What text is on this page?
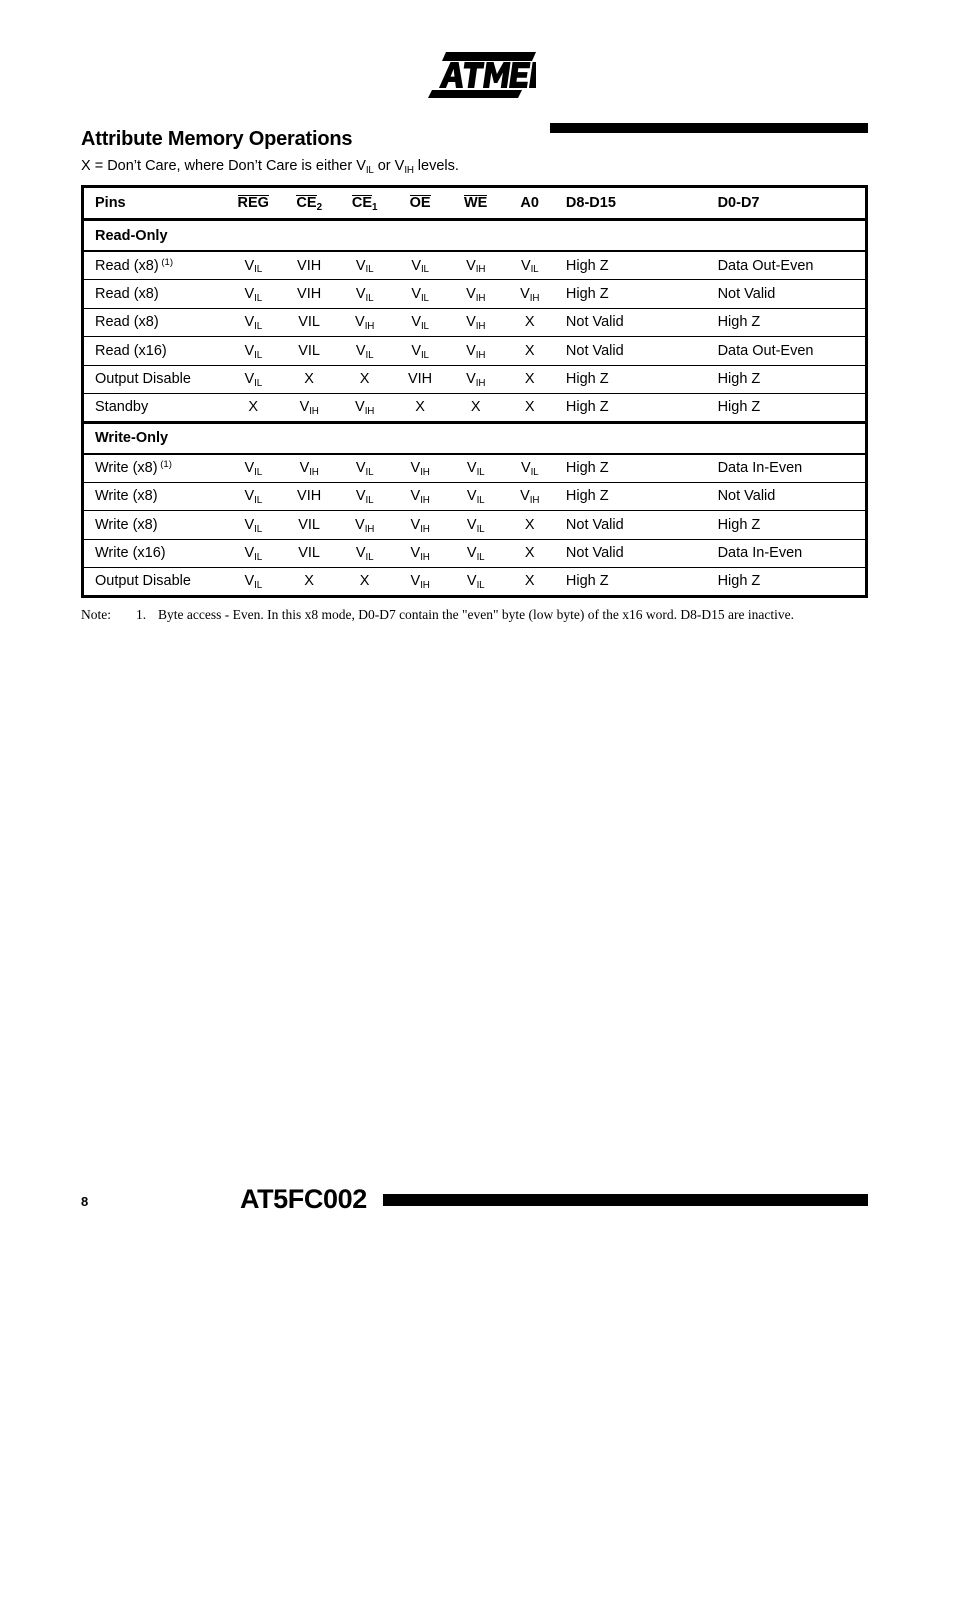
Attribute Memory Operations
X = Don’t Care, where Don’t Care is either $V_{IL}$ or $V_{IH}$ levels.
Pins	REG	$CE_2$	$CE_1$	OE	WE	A0	D8-D15	D0-D7
Read-Only								
Read (x8) $^{(1)}$	$V_{IL}$	VIH	$V_{IL}$	$V_{IL}$	$V_{IH}$	$V_{IL}$	High Z	Data Out-Even
Read (x8)	$V_{IL}$	VIH	$V_{IL}$	$V_{IL}$	$V_{IH}$	$V_{IH}$	High Z	Not Valid
Read (x8)	$V_{IL}$	VIL	$V_{IH}$	$V_{IL}$	$V_{IH}$	X	Not Valid	High Z
Read (x16)	$V_{IL}$	VIL	$V_{IL}$	$V_{IL}$	$V_{IH}$	X	Not Valid	Data Out-Even
Output Disable	$V_{IL}$	X	X	VIH	$V_{IH}$	X	High Z	High Z
Standby	X	$V_{IH}$	$V_{IH}$	X	X	X	High Z	High Z
Write-Only								
Write (x8) $^{(1)}$	$V_{IL}$	$V_{IH}$	$V_{IL}$	$V_{IH}$	$V_{IL}$	$V_{IL}$	High Z	Data In-Even
Write (x8)	$V_{IL}$	VIH	$V_{IL}$	$V_{IH}$	$V_{IL}$	$V_{IH}$	High Z	Not Valid
Write (x8)	$V_{IL}$	VIL	$V_{IH}$	$V_{IH}$	$V_{IL}$	X	Not Valid	High Z
Write (x16)	$V_{IL}$	VIL	$V_{IL}$	$V_{IH}$	$V_{IL}$	X	Not Valid	Data In-Even
Output Disable	$V_{IL}$	X	X	$V_{IH}$	$V_{IL}$	X	High Z	High Z
Note: 1. Byte access - Even. In this x8 mode, D0-D7 contain the "even" byte (low byte) of the x16 word. D8-D15 are inactive.
8	AT5FC002
